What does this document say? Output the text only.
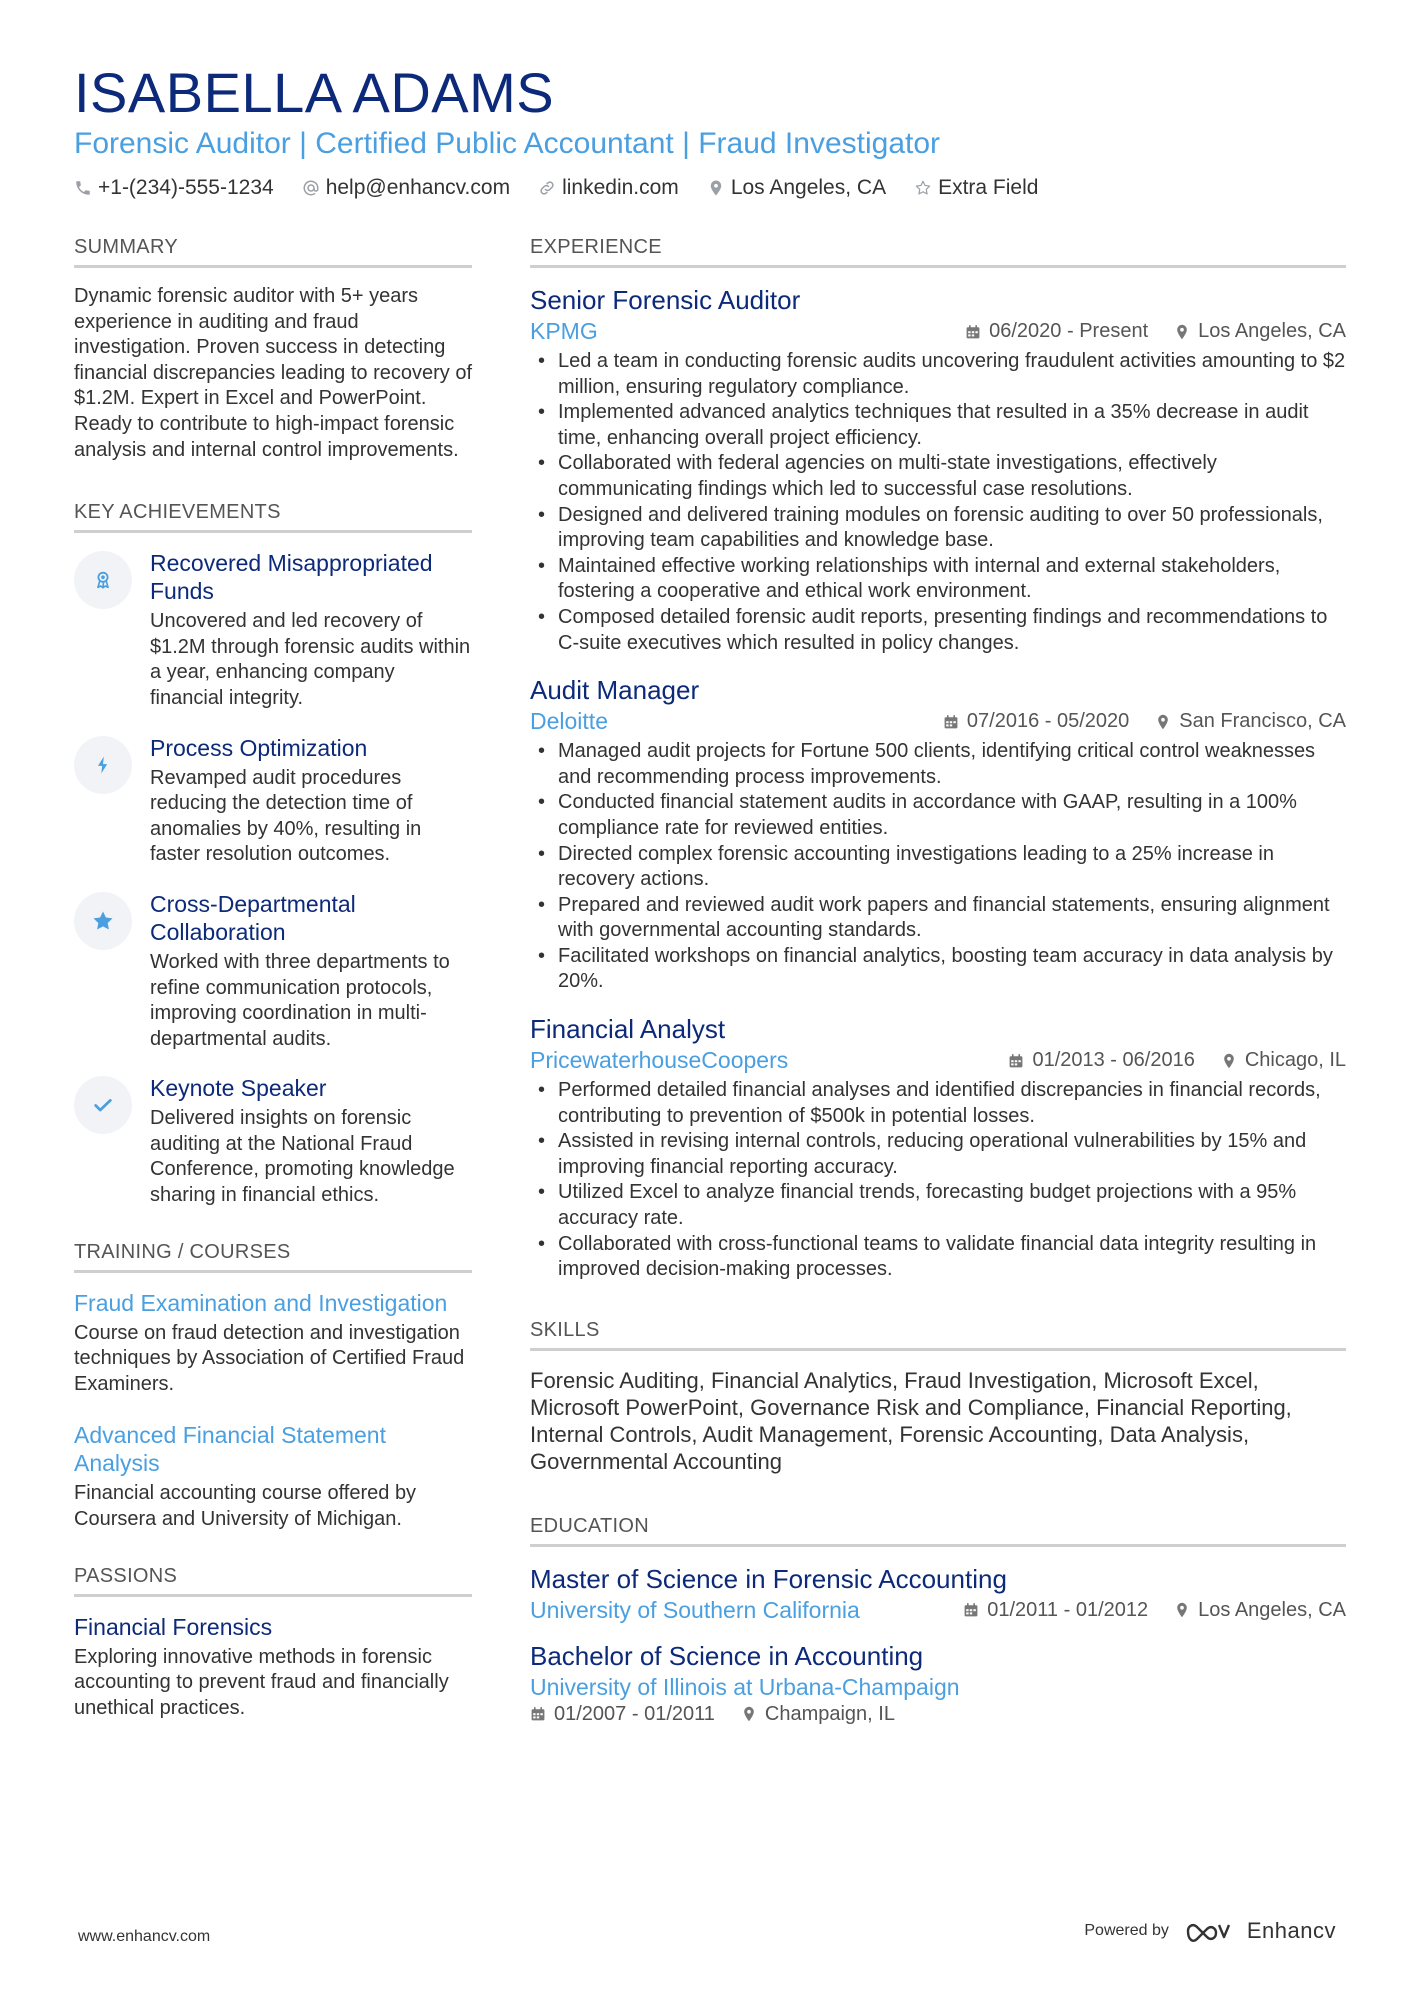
ISABELLA ADAMS
Forensic Auditor | Certified Public Accountant | Fraud Investigator
+1-(234)-555-1234 help@enhancv.com linkedin.com Los Angeles, CA Extra Field
SUMMARY
Dynamic forensic auditor with 5+ years experience in auditing and fraud investigation. Proven success in detecting financial discrepancies leading to recovery of $1.2M. Expert in Excel and PowerPoint. Ready to contribute to high-impact forensic analysis and internal control improvements.
KEY ACHIEVEMENTS
Recovered Misappropriated Funds
Uncovered and led recovery of $1.2M through forensic audits within a year, enhancing company financial integrity.
Process Optimization
Revamped audit procedures reducing the detection time of anomalies by 40%, resulting in faster resolution outcomes.
Cross-Departmental Collaboration
Worked with three departments to refine communication protocols, improving coordination in multi-departmental audits.
Keynote Speaker
Delivered insights on forensic auditing at the National Fraud Conference, promoting knowledge sharing in financial ethics.
TRAINING / COURSES
Fraud Examination and Investigation
Course on fraud detection and investigation techniques by Association of Certified Fraud Examiners.
Advanced Financial Statement Analysis
Financial accounting course offered by Coursera and University of Michigan.
PASSIONS
Financial Forensics
Exploring innovative methods in forensic accounting to prevent fraud and financially unethical practices.
EXPERIENCE
Senior Forensic Auditor
KPMG	06/2020 - Present	Los Angeles, CA
• Led a team in conducting forensic audits uncovering fraudulent activities amounting to $2 million, ensuring regulatory compliance.
• Implemented advanced analytics techniques that resulted in a 35% decrease in audit time, enhancing overall project efficiency.
• Collaborated with federal agencies on multi-state investigations, effectively communicating findings which led to successful case resolutions.
• Designed and delivered training modules on forensic auditing to over 50 professionals, improving team capabilities and knowledge base.
• Maintained effective working relationships with internal and external stakeholders, fostering a cooperative and ethical work environment.
• Composed detailed forensic audit reports, presenting findings and recommendations to C-suite executives which resulted in policy changes.
Audit Manager
Deloitte	07/2016 - 05/2020	San Francisco, CA
• Managed audit projects for Fortune 500 clients, identifying critical control weaknesses and recommending process improvements.
• Conducted financial statement audits in accordance with GAAP, resulting in a 100% compliance rate for reviewed entities.
• Directed complex forensic accounting investigations leading to a 25% increase in recovery actions.
• Prepared and reviewed audit work papers and financial statements, ensuring alignment with governmental accounting standards.
• Facilitated workshops on financial analytics, boosting team accuracy in data analysis by 20%.
Financial Analyst
PricewaterhouseCoopers	01/2013 - 06/2016	Chicago, IL
• Performed detailed financial analyses and identified discrepancies in financial records, contributing to prevention of $500k in potential losses.
• Assisted in revising internal controls, reducing operational vulnerabilities by 15% and improving financial reporting accuracy.
• Utilized Excel to analyze financial trends, forecasting budget projections with a 95% accuracy rate.
• Collaborated with cross-functional teams to validate financial data integrity resulting in improved decision-making processes.
SKILLS
Forensic Auditing, Financial Analytics, Fraud Investigation, Microsoft Excel, Microsoft PowerPoint, Governance Risk and Compliance, Financial Reporting, Internal Controls, Audit Management, Forensic Accounting, Data Analysis, Governmental Accounting
EDUCATION
Master of Science in Forensic Accounting
University of Southern California	01/2011 - 01/2012	Los Angeles, CA
Bachelor of Science in Accounting
University of Illinois at Urbana-Champaign
01/2007 - 01/2011	Champaign, IL
www.enhancv.com	Powered by	Enhancv
